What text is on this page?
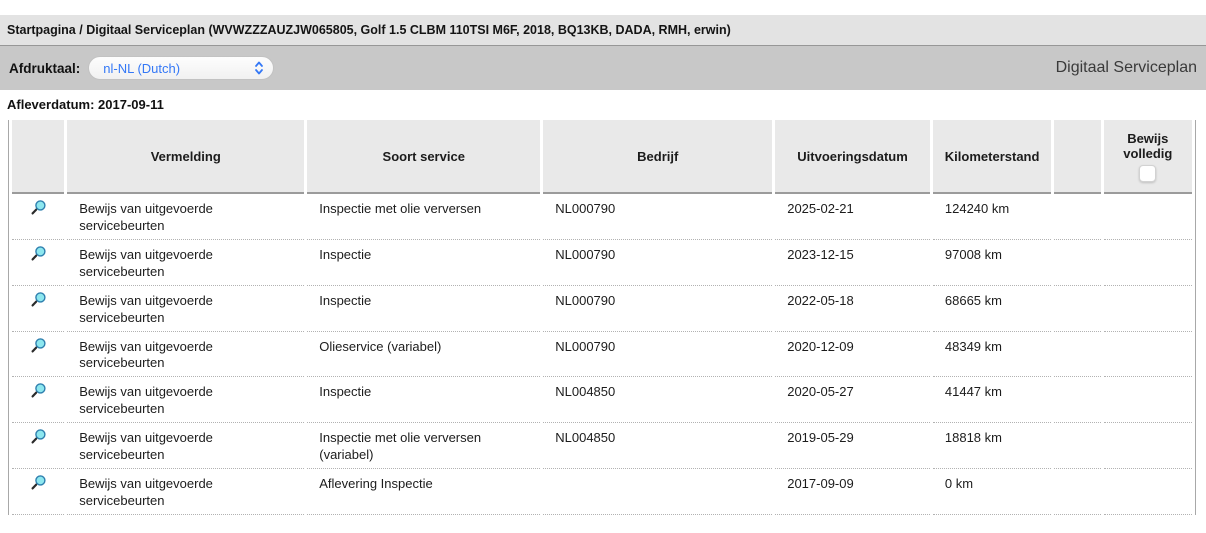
Startpagina / Digitaal Serviceplan (WVWZZZAUZJW065805, Golf 1.5 CLBM 110TSI M6F, 2018, BQ13KB, DADA, RMH, erwin)
Afdruktaal: nl-NL (Dutch)	Digitaal Serviceplan
Afleverdatum: 2017-09-11
	Vermelding	Soort service	Bedrijf	Uitvoeringsdatum	Kilometerstand		Bewijs volledig

	Bewijs van uitgevoerde servicebeurten	Inspectie met olie verversen	NL000790	2025-02-21	124240 km		
	Bewijs van uitgevoerde servicebeurten	Inspectie	NL000790	2023-12-15	97008 km		
	Bewijs van uitgevoerde servicebeurten	Inspectie	NL000790	2022-05-18	68665 km		
	Bewijs van uitgevoerde servicebeurten	Olieservice (variabel)	NL000790	2020-12-09	48349 km		
	Bewijs van uitgevoerde servicebeurten	Inspectie	NL004850	2020-05-27	41447 km		
	Bewijs van uitgevoerde servicebeurten	Inspectie met olie verversen (variabel)	NL004850	2019-05-29	18818 km		
	Bewijs van uitgevoerde servicebeurten	Aflevering Inspectie		2017-09-09	0 km		
